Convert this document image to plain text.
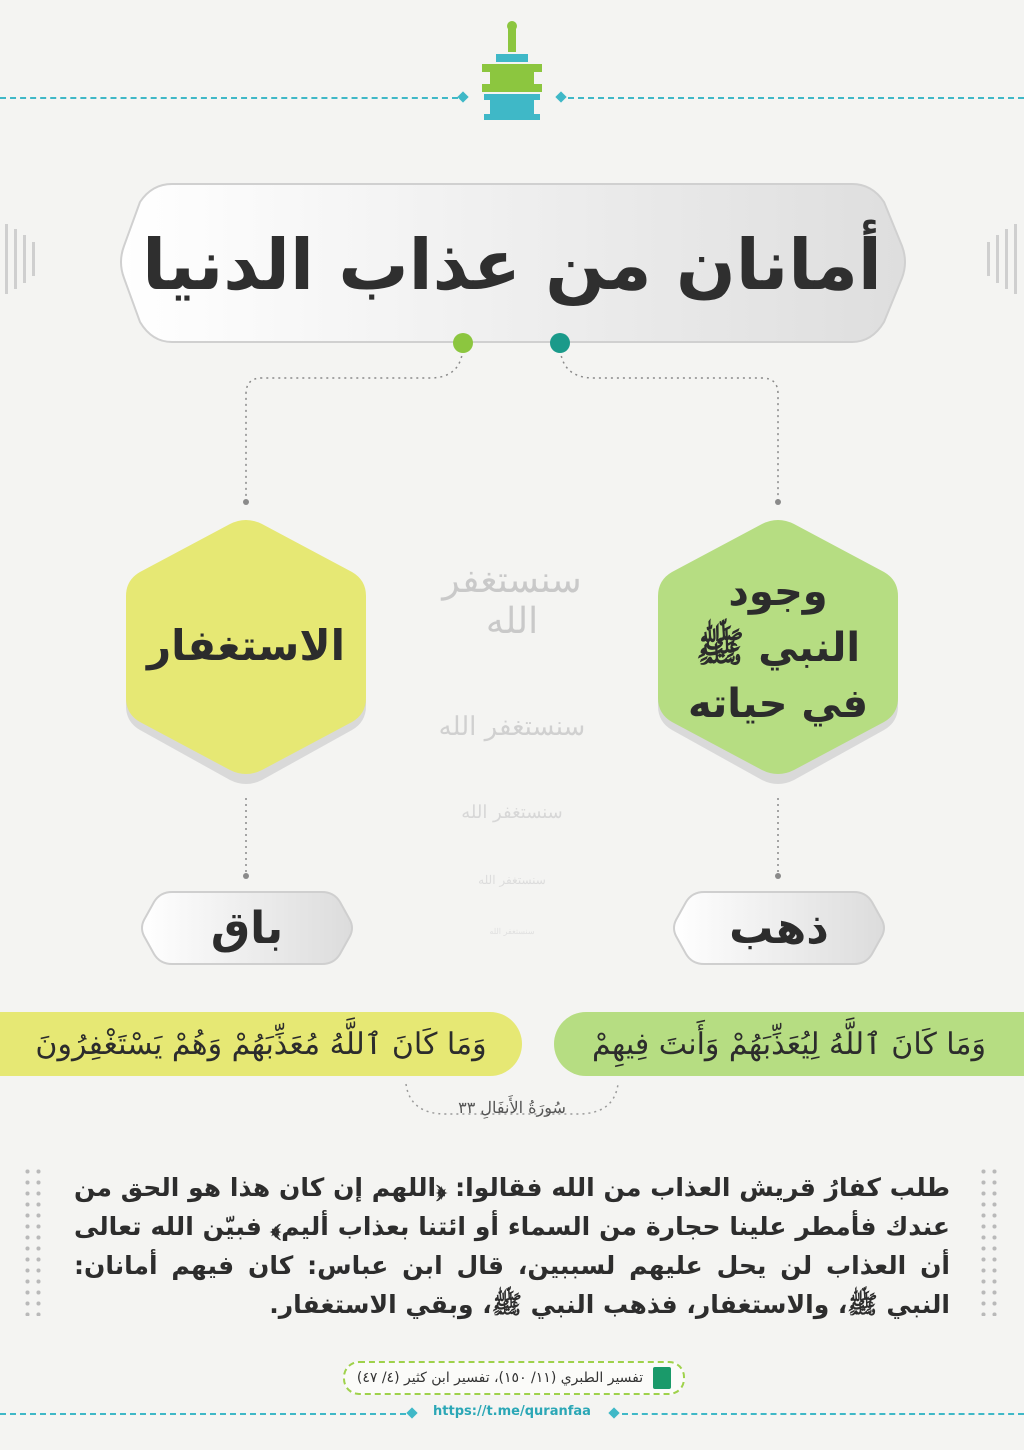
أمانان من عذاب الدنيا
الاستغفار
وجود
النبي ﷺ
في حياته
سنستغفر الله
سنستغفر الله
سنستغفر الله
سنستغفر الله
سنستغفر الله
باق	ذهب
وَمَا كَانَ ٱللَّهُ مُعَذِّبَهُمْ وَهُمْ يَسْتَغْفِرُونَ	وَمَا كَانَ ٱللَّهُ لِيُعَذِّبَهُمْ وَأَنتَ فِيهِمْ
سُورَةُ الأَنفَالِ ٣٣
طلب كفارُ قريش العذاب من الله فقالوا: ﴿اللهم إن كان هذا هو الحق من عندك فأمطر علينا حجارة من السماء أو ائتنا بعذاب أليم﴾ فبيّن الله تعالى أن العذاب لن يحل عليهم لسببين، قال ابن عباس: كان فيهم أمانان: النبي ﷺ، والاستغفار، فذهب النبي ﷺ، وبقي الاستغفار.
تفسير الطبري (١١/ ١٥٠)، تفسير ابن كثير (٤/ ٤٧)
https://t.me/quranfaa
